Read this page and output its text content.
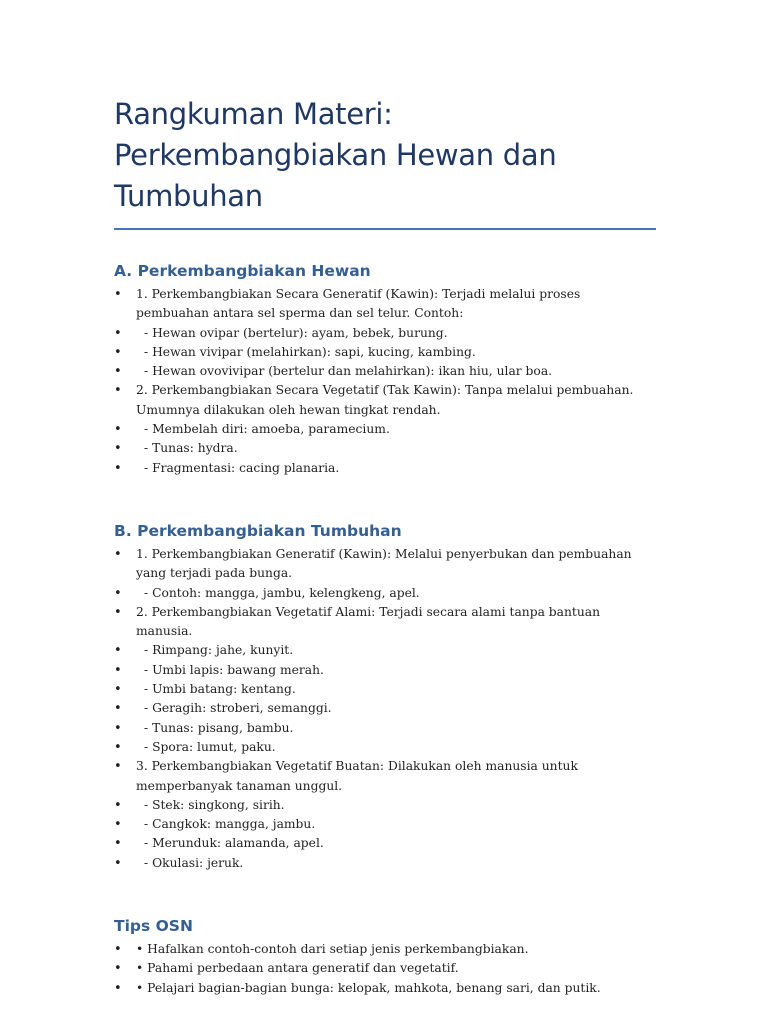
Rangkuman Materi: Perkembangbiakan Hewan dan Tumbuhan
A. Perkembangbiakan Hewan
• 1. Perkembangbiakan Secara Generatif (Kawin): Terjadi melalui proses pembuahan antara sel sperma dan sel telur. Contoh:
• - Hewan ovipar (bertelur): ayam, bebek, burung.
• - Hewan vivipar (melahirkan): sapi, kucing, kambing.
• - Hewan ovovivipar (bertelur dan melahirkan): ikan hiu, ular boa.
• 2. Perkembangbiakan Secara Vegetatif (Tak Kawin): Tanpa melalui pembuahan. Umumnya dilakukan oleh hewan tingkat rendah.
• - Membelah diri: amoeba, paramecium.
• - Tunas: hydra.
• - Fragmentasi: cacing planaria.
B. Perkembangbiakan Tumbuhan
• 1. Perkembangbiakan Generatif (Kawin): Melalui penyerbukan dan pembuahan yang terjadi pada bunga.
• - Contoh: mangga, jambu, kelengkeng, apel.
• 2. Perkembangbiakan Vegetatif Alami: Terjadi secara alami tanpa bantuan manusia.
• - Rimpang: jahe, kunyit.
• - Umbi lapis: bawang merah.
• - Umbi batang: kentang.
• - Geragih: stroberi, semanggi.
• - Tunas: pisang, bambu.
• - Spora: lumut, paku.
• 3. Perkembangbiakan Vegetatif Buatan: Dilakukan oleh manusia untuk memperbanyak tanaman unggul.
• - Stek: singkong, sirih.
• - Cangkok: mangga, jambu.
• - Merunduk: alamanda, apel.
• - Okulasi: jeruk.
Tips OSN
• • Hafalkan contoh-contoh dari setiap jenis perkembangbiakan.
• • Pahami perbedaan antara generatif dan vegetatif.
• • Pelajari bagian-bagian bunga: kelopak, mahkota, benang sari, dan putik.
